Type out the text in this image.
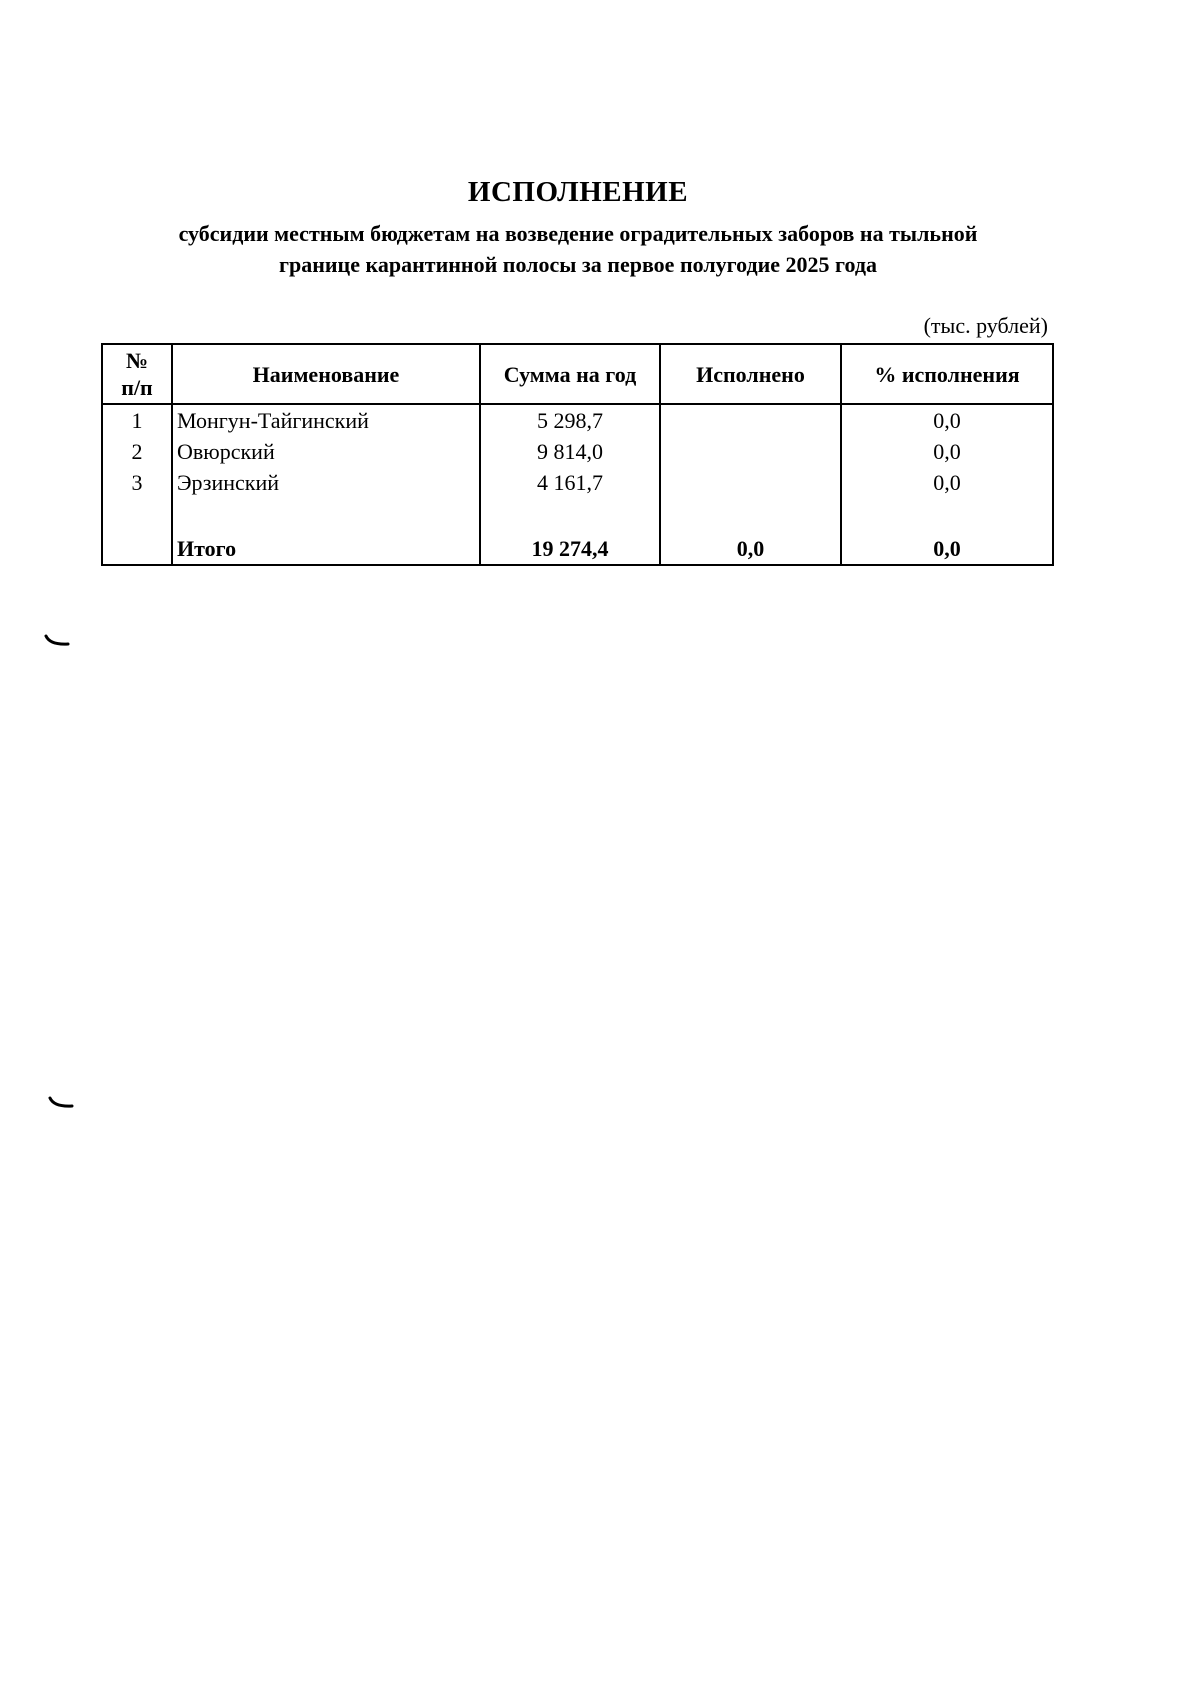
ИСПОЛНЕНИЕ
субсидии местным бюджетам на возведение оградительных заборов на тыльной
границе карантинной полосы за первое полугодие 2025 года
(тыс. рублей)
№
п/п	Наименование	Сумма на год	Исполнено	% исполнения
1	Монгун-Тайгинский	5 298,7		0,0
2	Овюрский	9 814,0		0,0
3	Эрзинский	4 161,7		0,0

	Итого	19 274,4	0,0	0,0
